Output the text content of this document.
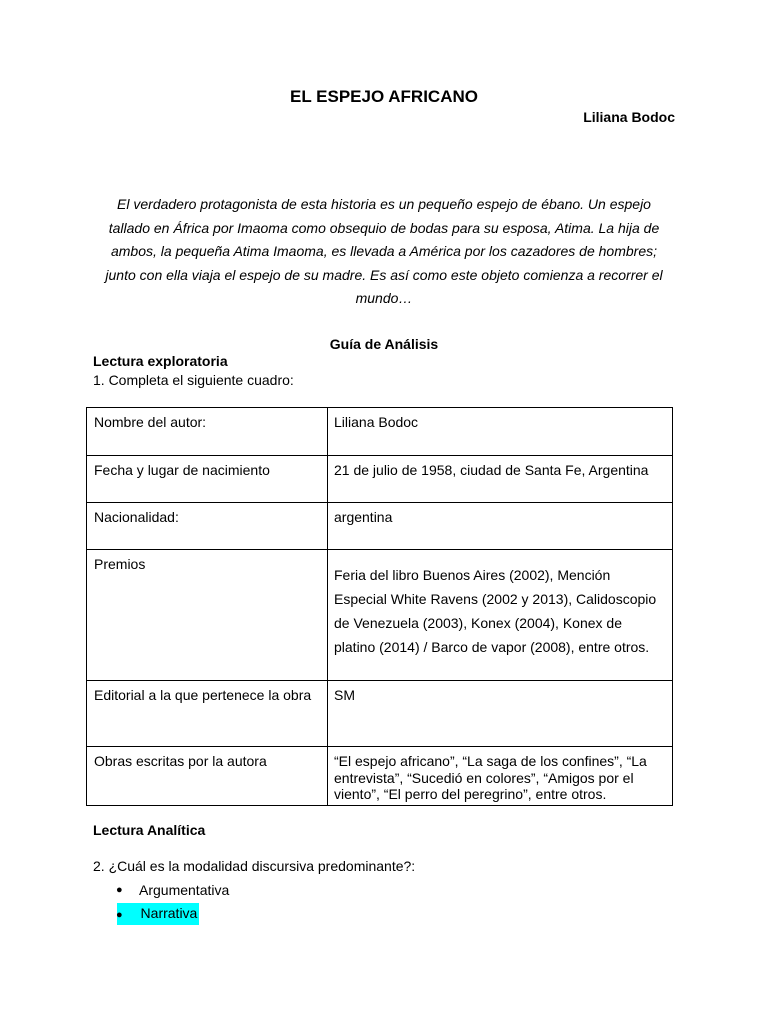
EL ESPEJO AFRICANO
Liliana Bodoc
El verdadero protagonista de esta historia es un pequeño espejo de ébano. Un espejo tallado en África por Imaoma como obsequio de bodas para su esposa, Atima. La hija de ambos, la pequeña Atima Imaoma, es llevada a América por los cazadores de hombres; junto con ella viaja el espejo de su madre. Es así como este objeto comienza a recorrer el mundo…
Guía de Análisis
Lectura exploratoria
1. Completa el siguiente cuadro:
Nombre del autor:	Liliana Bodoc
Fecha y lugar de nacimiento	21 de julio de 1958, ciudad de Santa Fe, Argentina
Nacionalidad:	argentina
Premios	Feria del libro Buenos Aires (2002), Mención Especial White Ravens (2002 y 2013), Calidoscopio de Venezuela (2003), Konex (2004), Konex de platino (2014) / Barco de vapor (2008), entre otros.

Editorial a la que pertenece la obra	SM
Obras escritas por la autora	“El espejo africano”, “La saga de los confines”, “La entrevista”, “Sucedió en colores”, “Amigos por el viento”, “El perro del peregrino”, entre otros.
Lectura Analítica
2. ¿Cuál es la modalidad discursiva predominante?:
● Argumentativa
● Narrativa
